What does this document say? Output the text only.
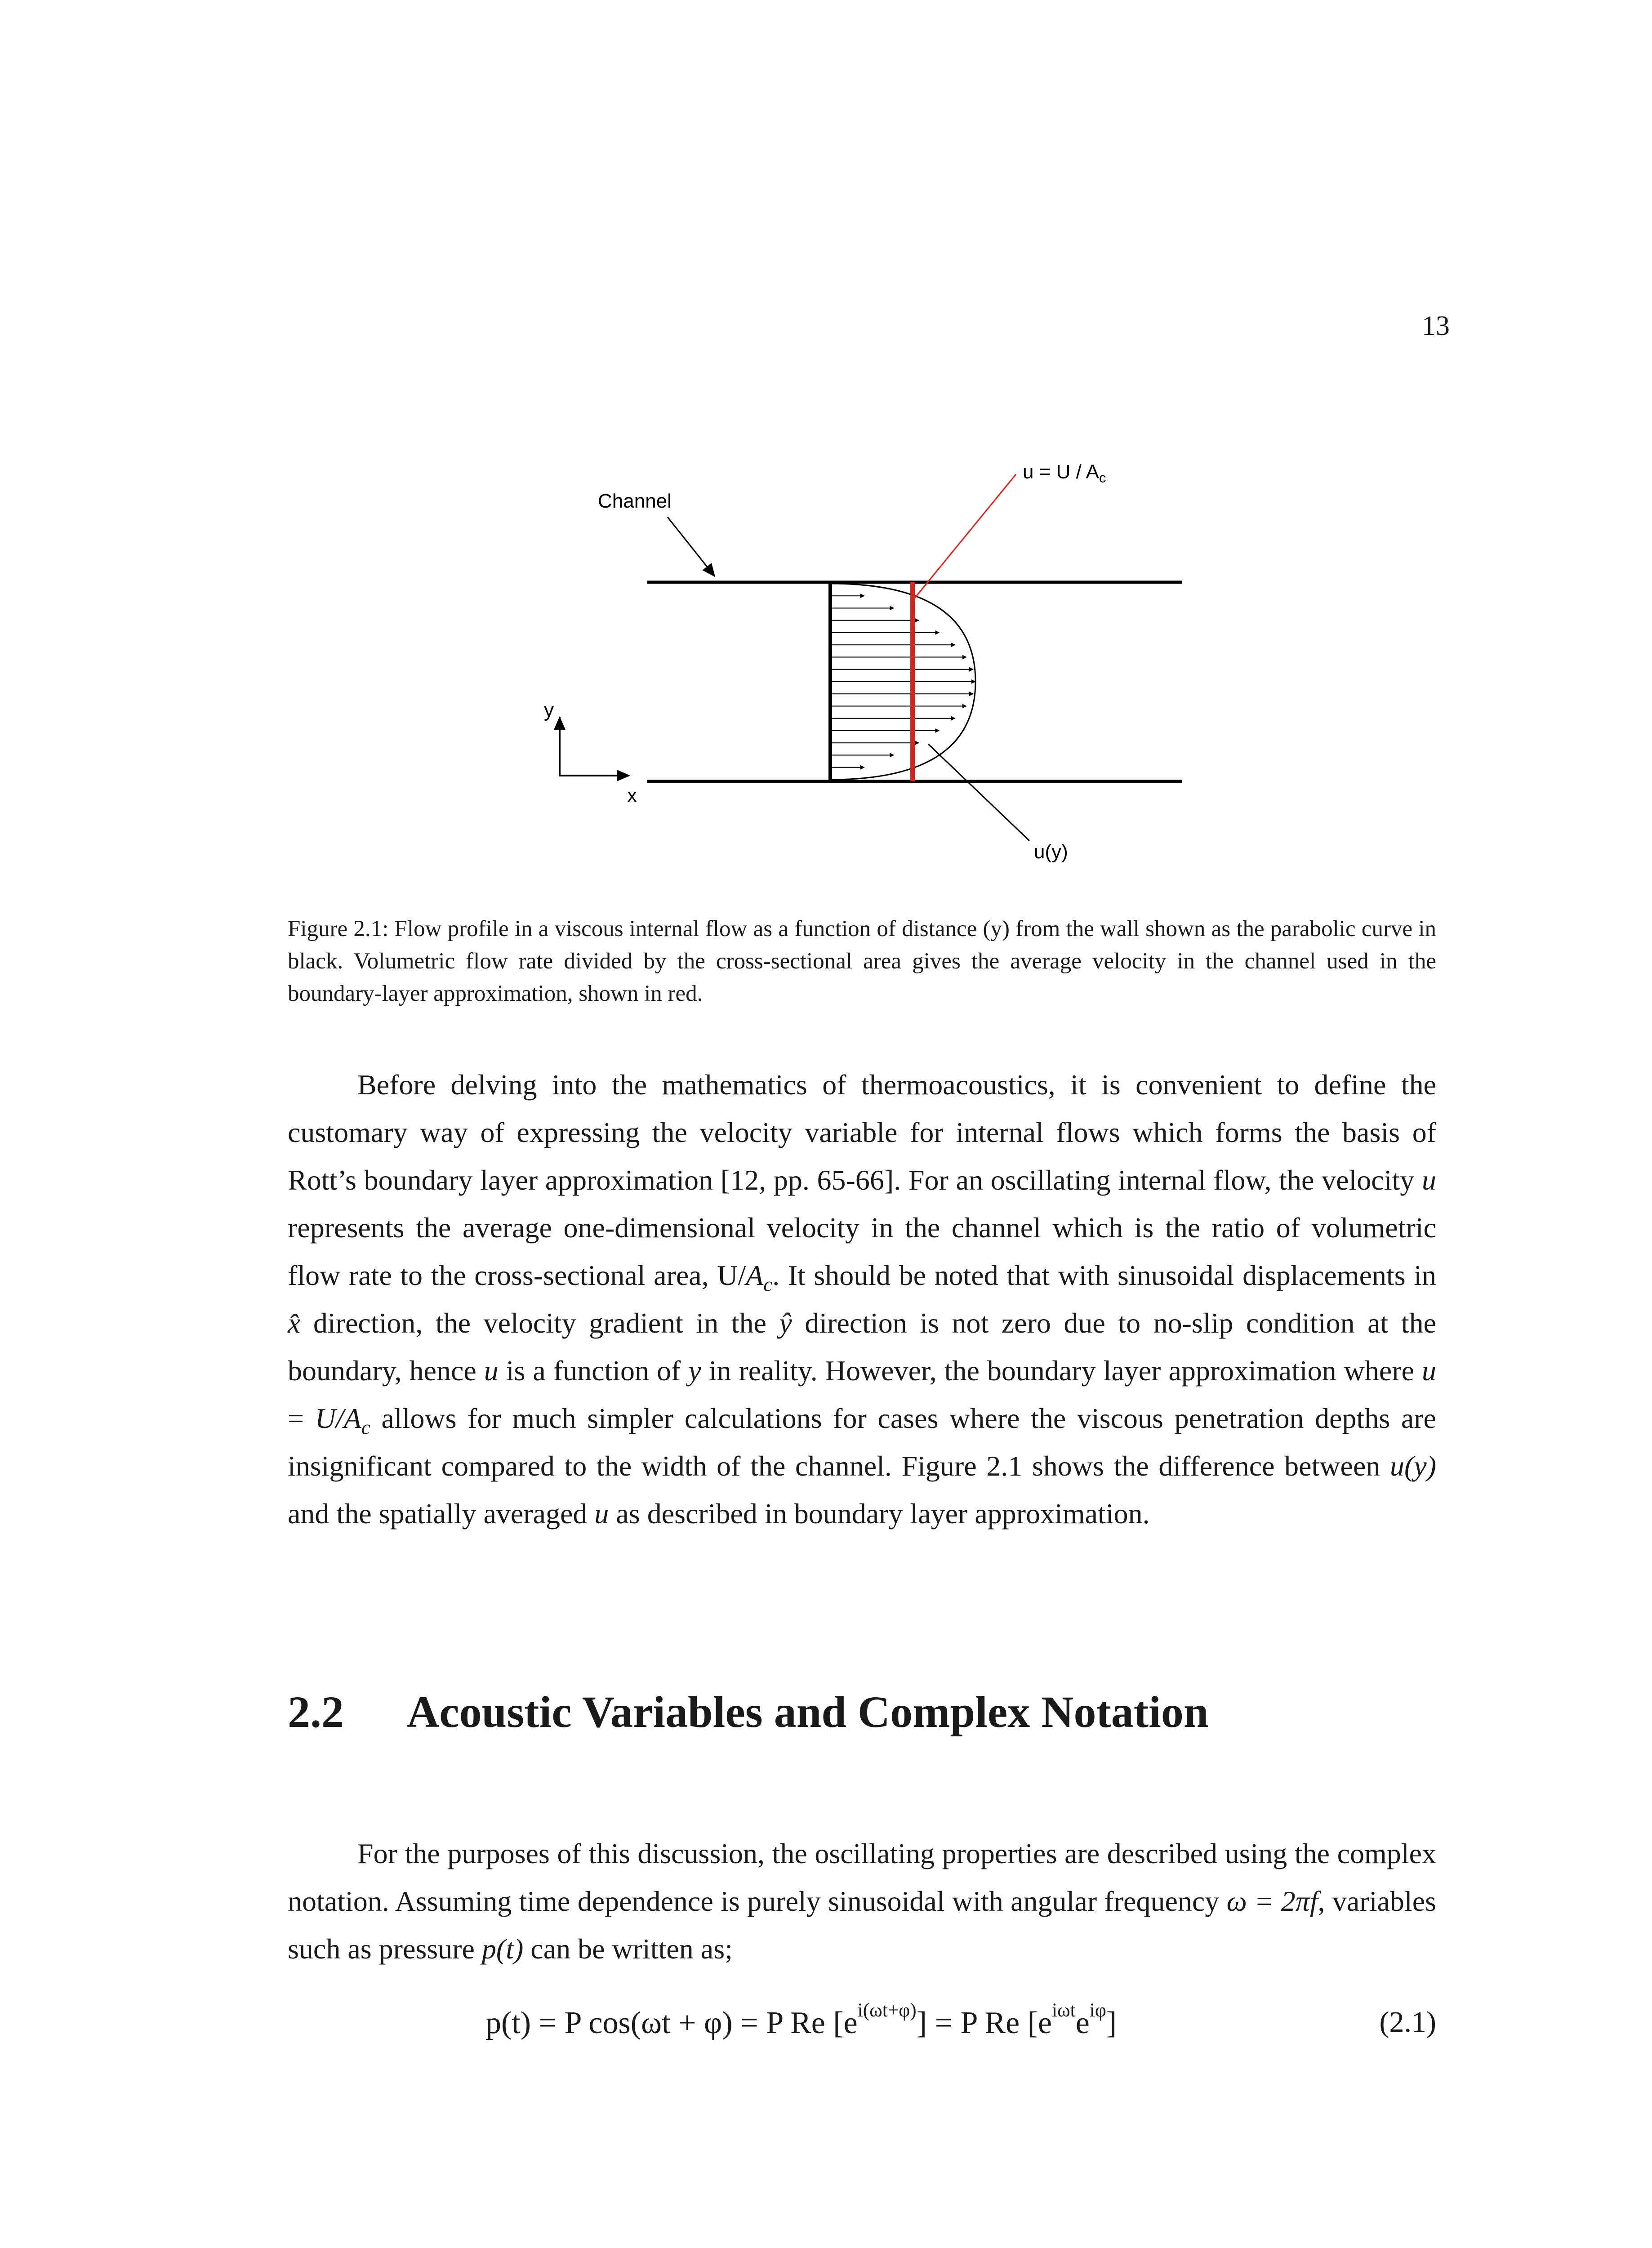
13
Channel
$u = U / A_c$
u(y)
y
x
Figure 2.1: Flow profile in a viscous internal flow as a function of distance (y) from the wall shown as the parabolic curve in black. Volumetric flow rate divided by the cross-sectional area gives the average velocity in the channel used in the boundary-layer approximation, shown in red.

Before delving into the mathematics of thermoacoustics, it is convenient to define the customary way of expressing the velocity variable for internal flows which forms the basis of Rott’s boundary layer approximation [12, pp. 65-66]. For an oscillating internal flow, the velocity u represents the average one-dimensional velocity in the channel which is the ratio of volumetric flow rate to the cross-sectional area, $U/A_c$. It should be noted that with sinusoidal displacements in x̂ direction, the velocity gradient in the ŷ direction is not zero due to no-slip condition at the boundary, hence u is a function of y in reality. However, the boundary layer approximation where $u = U/A_c$ allows for much simpler calculations for cases where the viscous penetration depths are insignificant compared to the width of the channel. Figure 2.1 shows the difference between u(y) and the spatially averaged u as described in boundary layer approximation.

2.2 Acoustic Variables and Complex Notation

For the purposes of this discussion, the oscillating properties are described using the complex notation. Assuming time dependence is purely sinusoidal with angular frequency ω = 2πf, variables such as pressure p(t) can be written as;

p(t) = P cos(ωt + φ) = P Re $[e^{i(\omega t+\varphi)}] = P$ Re $[e^{i\omega t}e^{i\varphi}]$	(2.1)
